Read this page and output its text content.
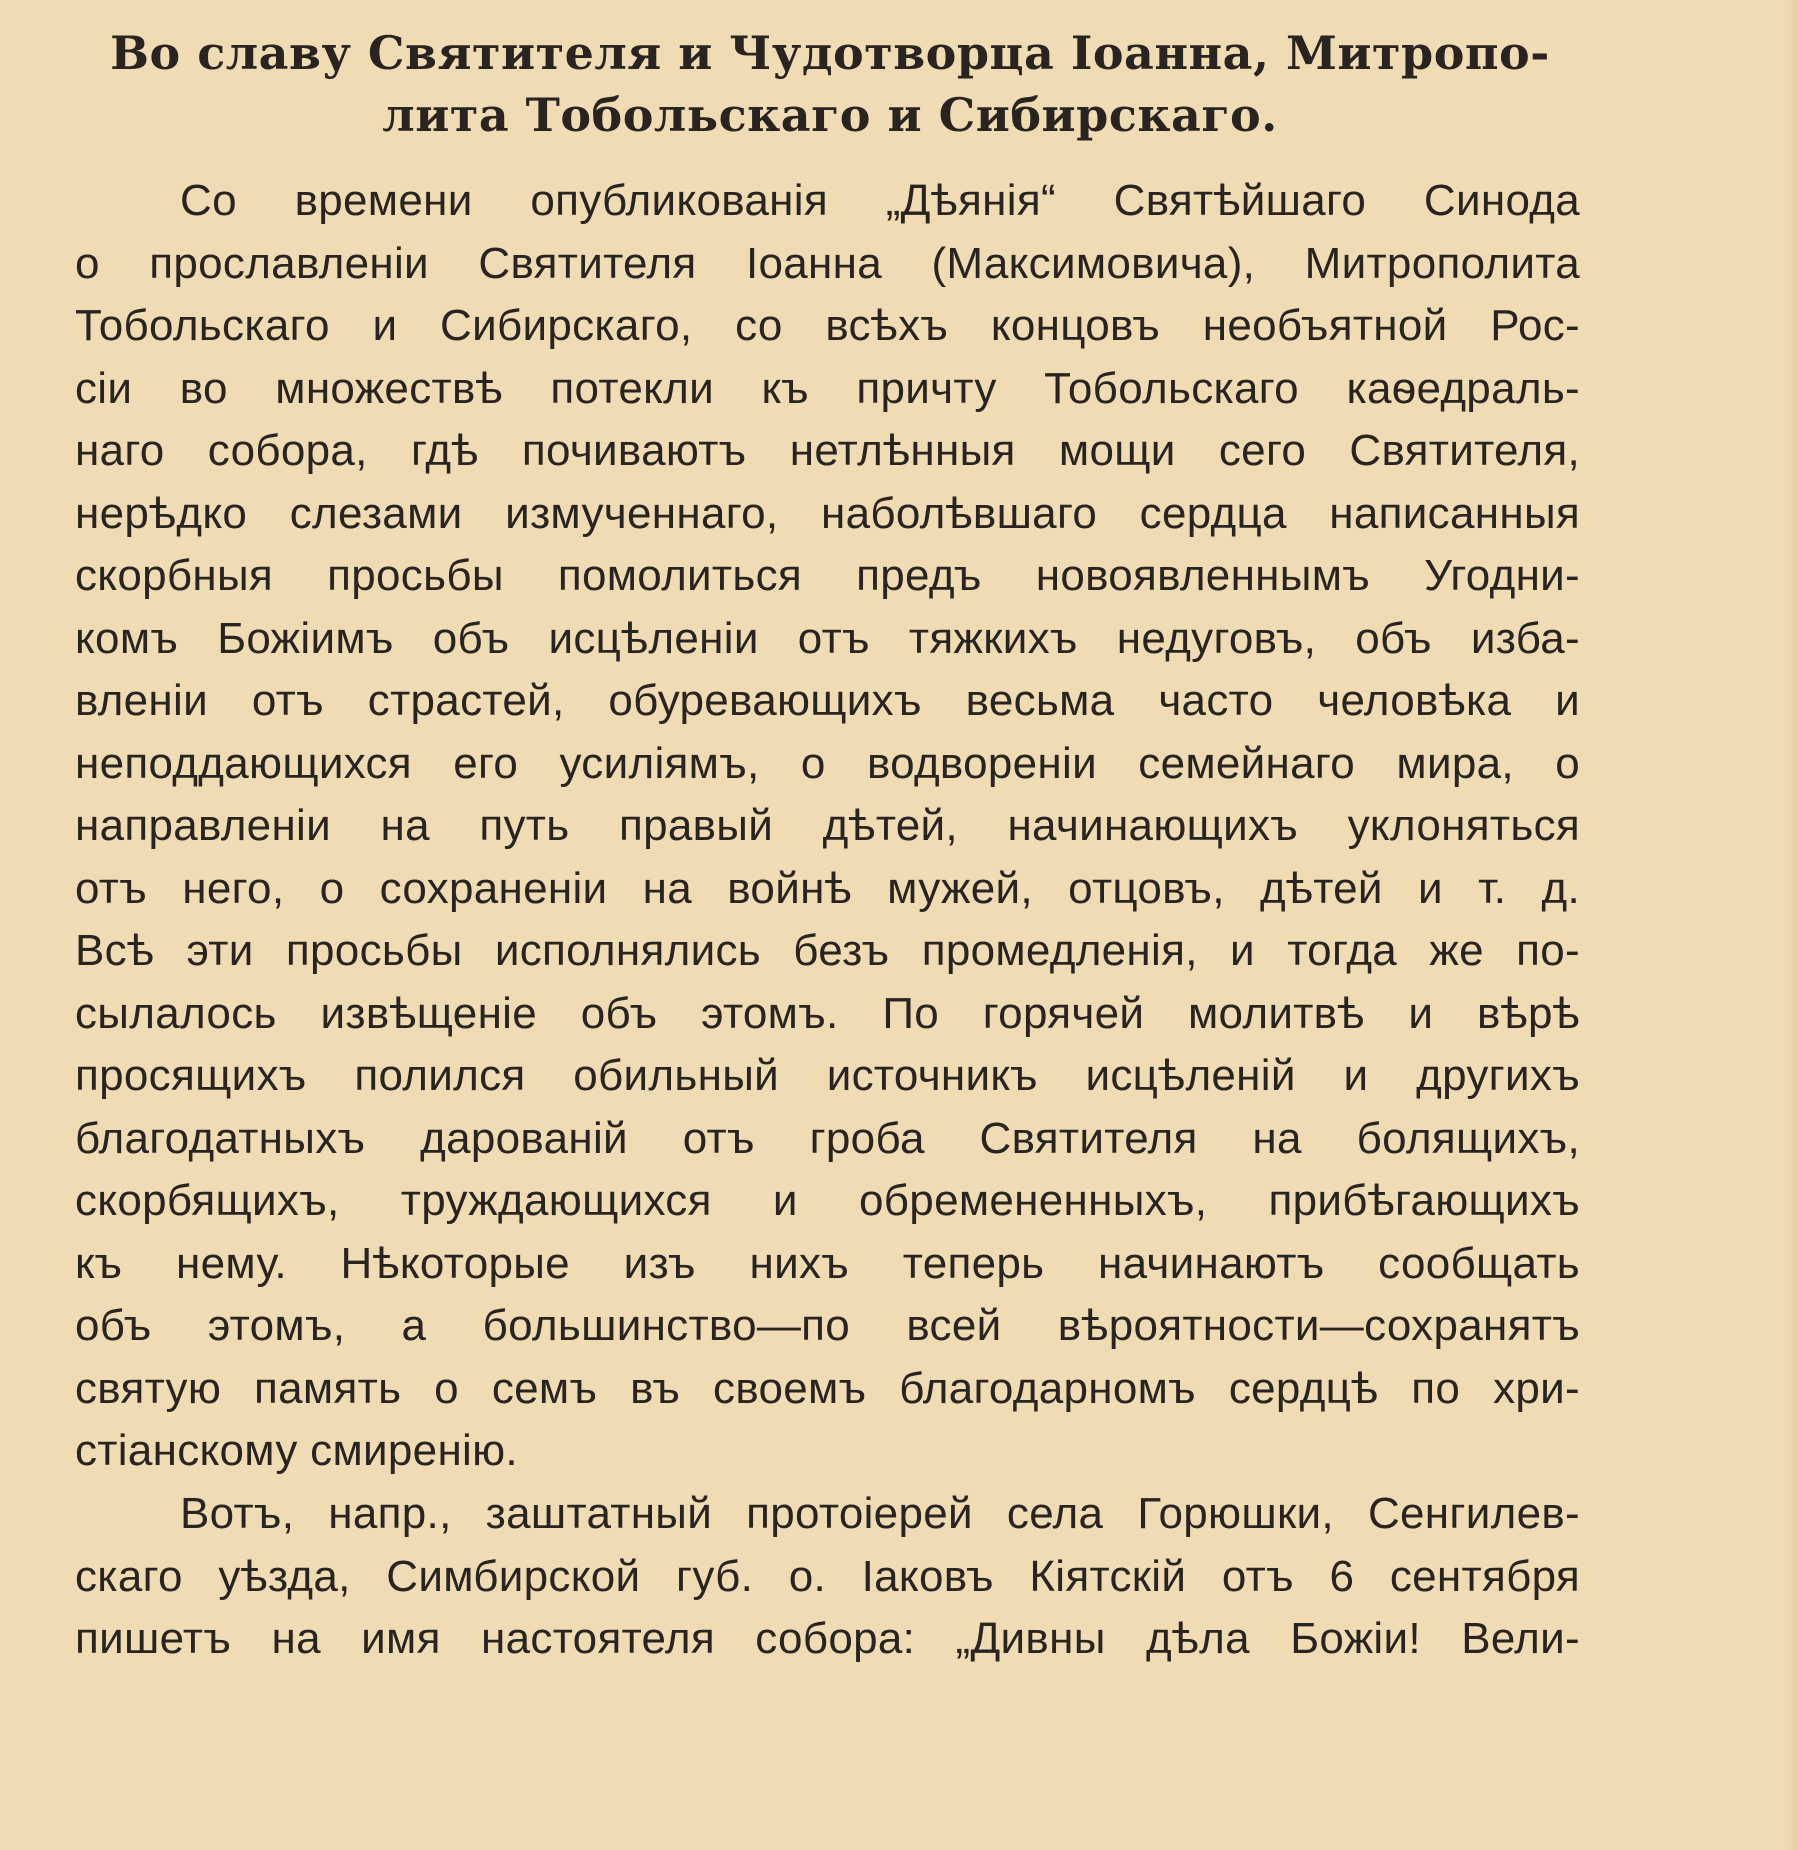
Во славу Святителя и Чудотворца Іоанна, Митропо-
лита Тобольскаго и Сибирскаго.
Со времени опубликованія „Дѣянія“ Святѣйшаго Синода
о прославленіи Святителя Іоанна (Максимовича), Митрополита
Тобольскаго и Сибирскаго, со всѣхъ концовъ необъятной Рос-
сіи во множествѣ потекли къ причту Тобольскаго каѳедраль-
наго собора, гдѣ почиваютъ нетлѣнныя мощи сего Святителя,
нерѣдко слезами измученнаго, наболѣвшаго сердца написанныя
скорбныя просьбы помолиться предъ новоявленнымъ Угодни-
комъ Божіимъ объ исцѣленіи отъ тяжкихъ недуговъ, объ изба-
вленіи отъ страстей, обуревающихъ весьма часто человѣка и
неподдающихся его усиліямъ, о водвореніи семейнаго мира, о
направленіи на путь правый дѣтей, начинающихъ уклоняться
отъ него, о сохраненіи на войнѣ мужей, отцовъ, дѣтей и т. д.
Всѣ эти просьбы исполнялись безъ промедленія, и тогда же по-
сылалось извѣщеніе объ этомъ. По горячей молитвѣ и вѣрѣ
просящихъ полился обильный источникъ исцѣленій и другихъ
благодатныхъ дарованій отъ гроба Святителя на болящихъ,
скорбящихъ, труждающихся и обремененныхъ, прибѣгающихъ
къ нему. Нѣкоторые изъ нихъ теперь начинаютъ сообщать
объ этомъ, а большинство—по всей вѣроятности—сохранятъ
святую память о семъ въ своемъ благодарномъ сердцѣ по хри-
стіанскому смиренію.
Вотъ, напр., заштатный протоіерей села Горюшки, Сенгилев-
скаго уѣзда, Симбирской губ. о. Іаковъ Кіятскій отъ 6 сентября
пишетъ на имя настоятеля собора: „Дивны дѣла Божіи! Вели-
